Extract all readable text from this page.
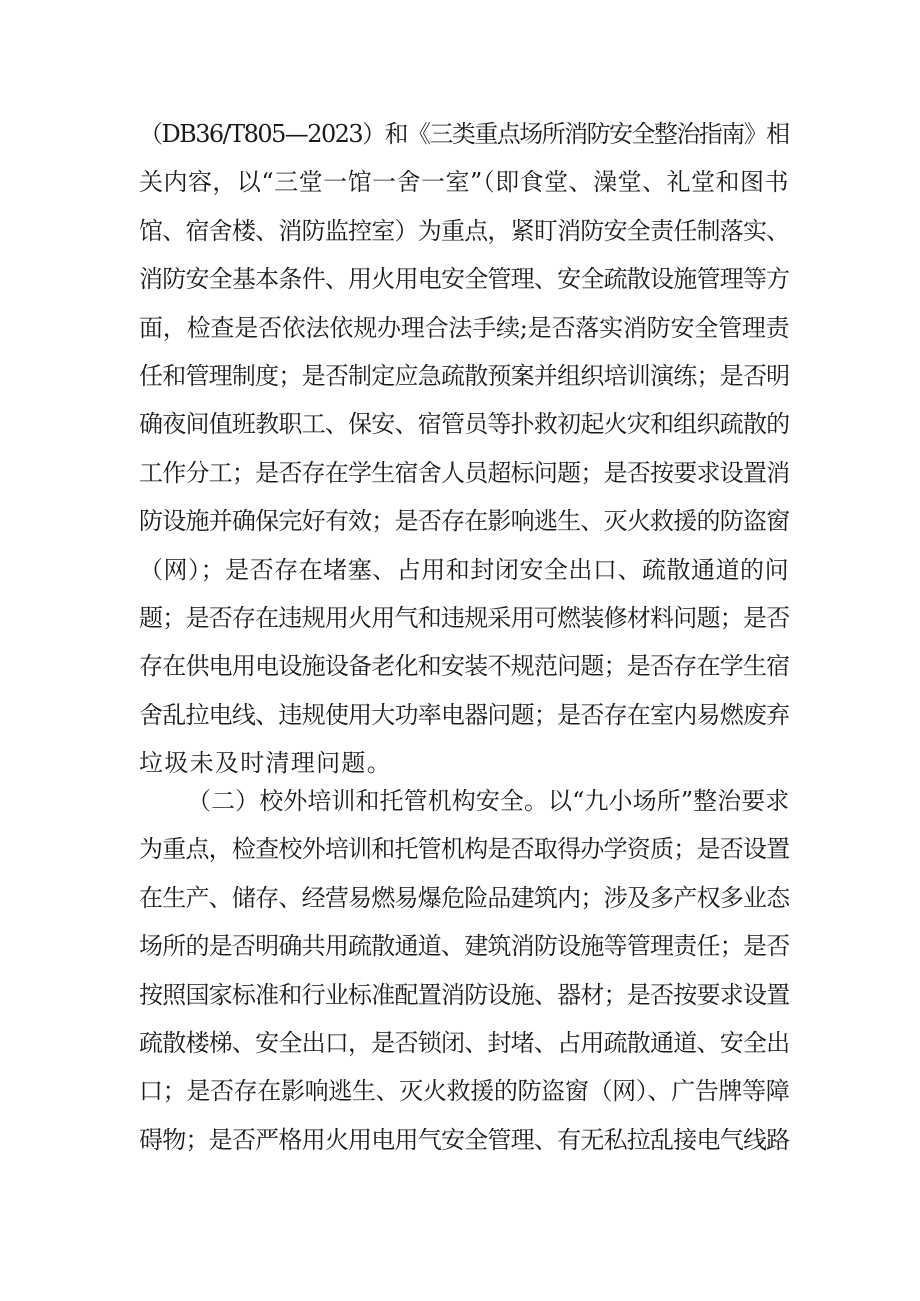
（DB36/T805—2023）和《三类重点场所消防安全整治指南》相
关内容，以“三堂一馆一舍一室”（即食堂、澡堂、礼堂和图书
馆、宿舍楼、消防监控室）为重点，紧盯消防安全责任制落实、
消防安全基本条件、用火用电安全管理、安全疏散设施管理等方
面，检查是否依法依规办理合法手续;是否落实消防安全管理责
任和管理制度；是否制定应急疏散预案并组织培训演练；是否明
确夜间值班教职工、保安、宿管员等扑救初起火灾和组织疏散的
工作分工；是否存在学生宿舍人员超标问题；是否按要求设置消
防设施并确保完好有效；是否存在影响逃生、灭火救援的防盗窗
（网）；是否存在堵塞、占用和封闭安全出口、疏散通道的问
题；是否存在违规用火用气和违规采用可燃装修材料问题；是否
存在供电用电设施设备老化和安装不规范问题；是否存在学生宿
舍乱拉电线、违规使用大功率电器问题；是否存在室内易燃废弃
垃圾未及时清理问题。
（二）校外培训和托管机构安全。以“九小场所”整治要求
为重点，检查校外培训和托管机构是否取得办学资质；是否设置
在生产、储存、经营易燃易爆危险品建筑内；涉及多产权多业态
场所的是否明确共用疏散通道、建筑消防设施等管理责任；是否
按照国家标准和行业标准配置消防设施、器材；是否按要求设置
疏散楼梯、安全出口，是否锁闭、封堵、占用疏散通道、安全出
口；是否存在影响逃生、灭火救援的防盗窗（网）、广告牌等障
碍物；是否严格用火用电用气安全管理、有无私拉乱接电气线路
